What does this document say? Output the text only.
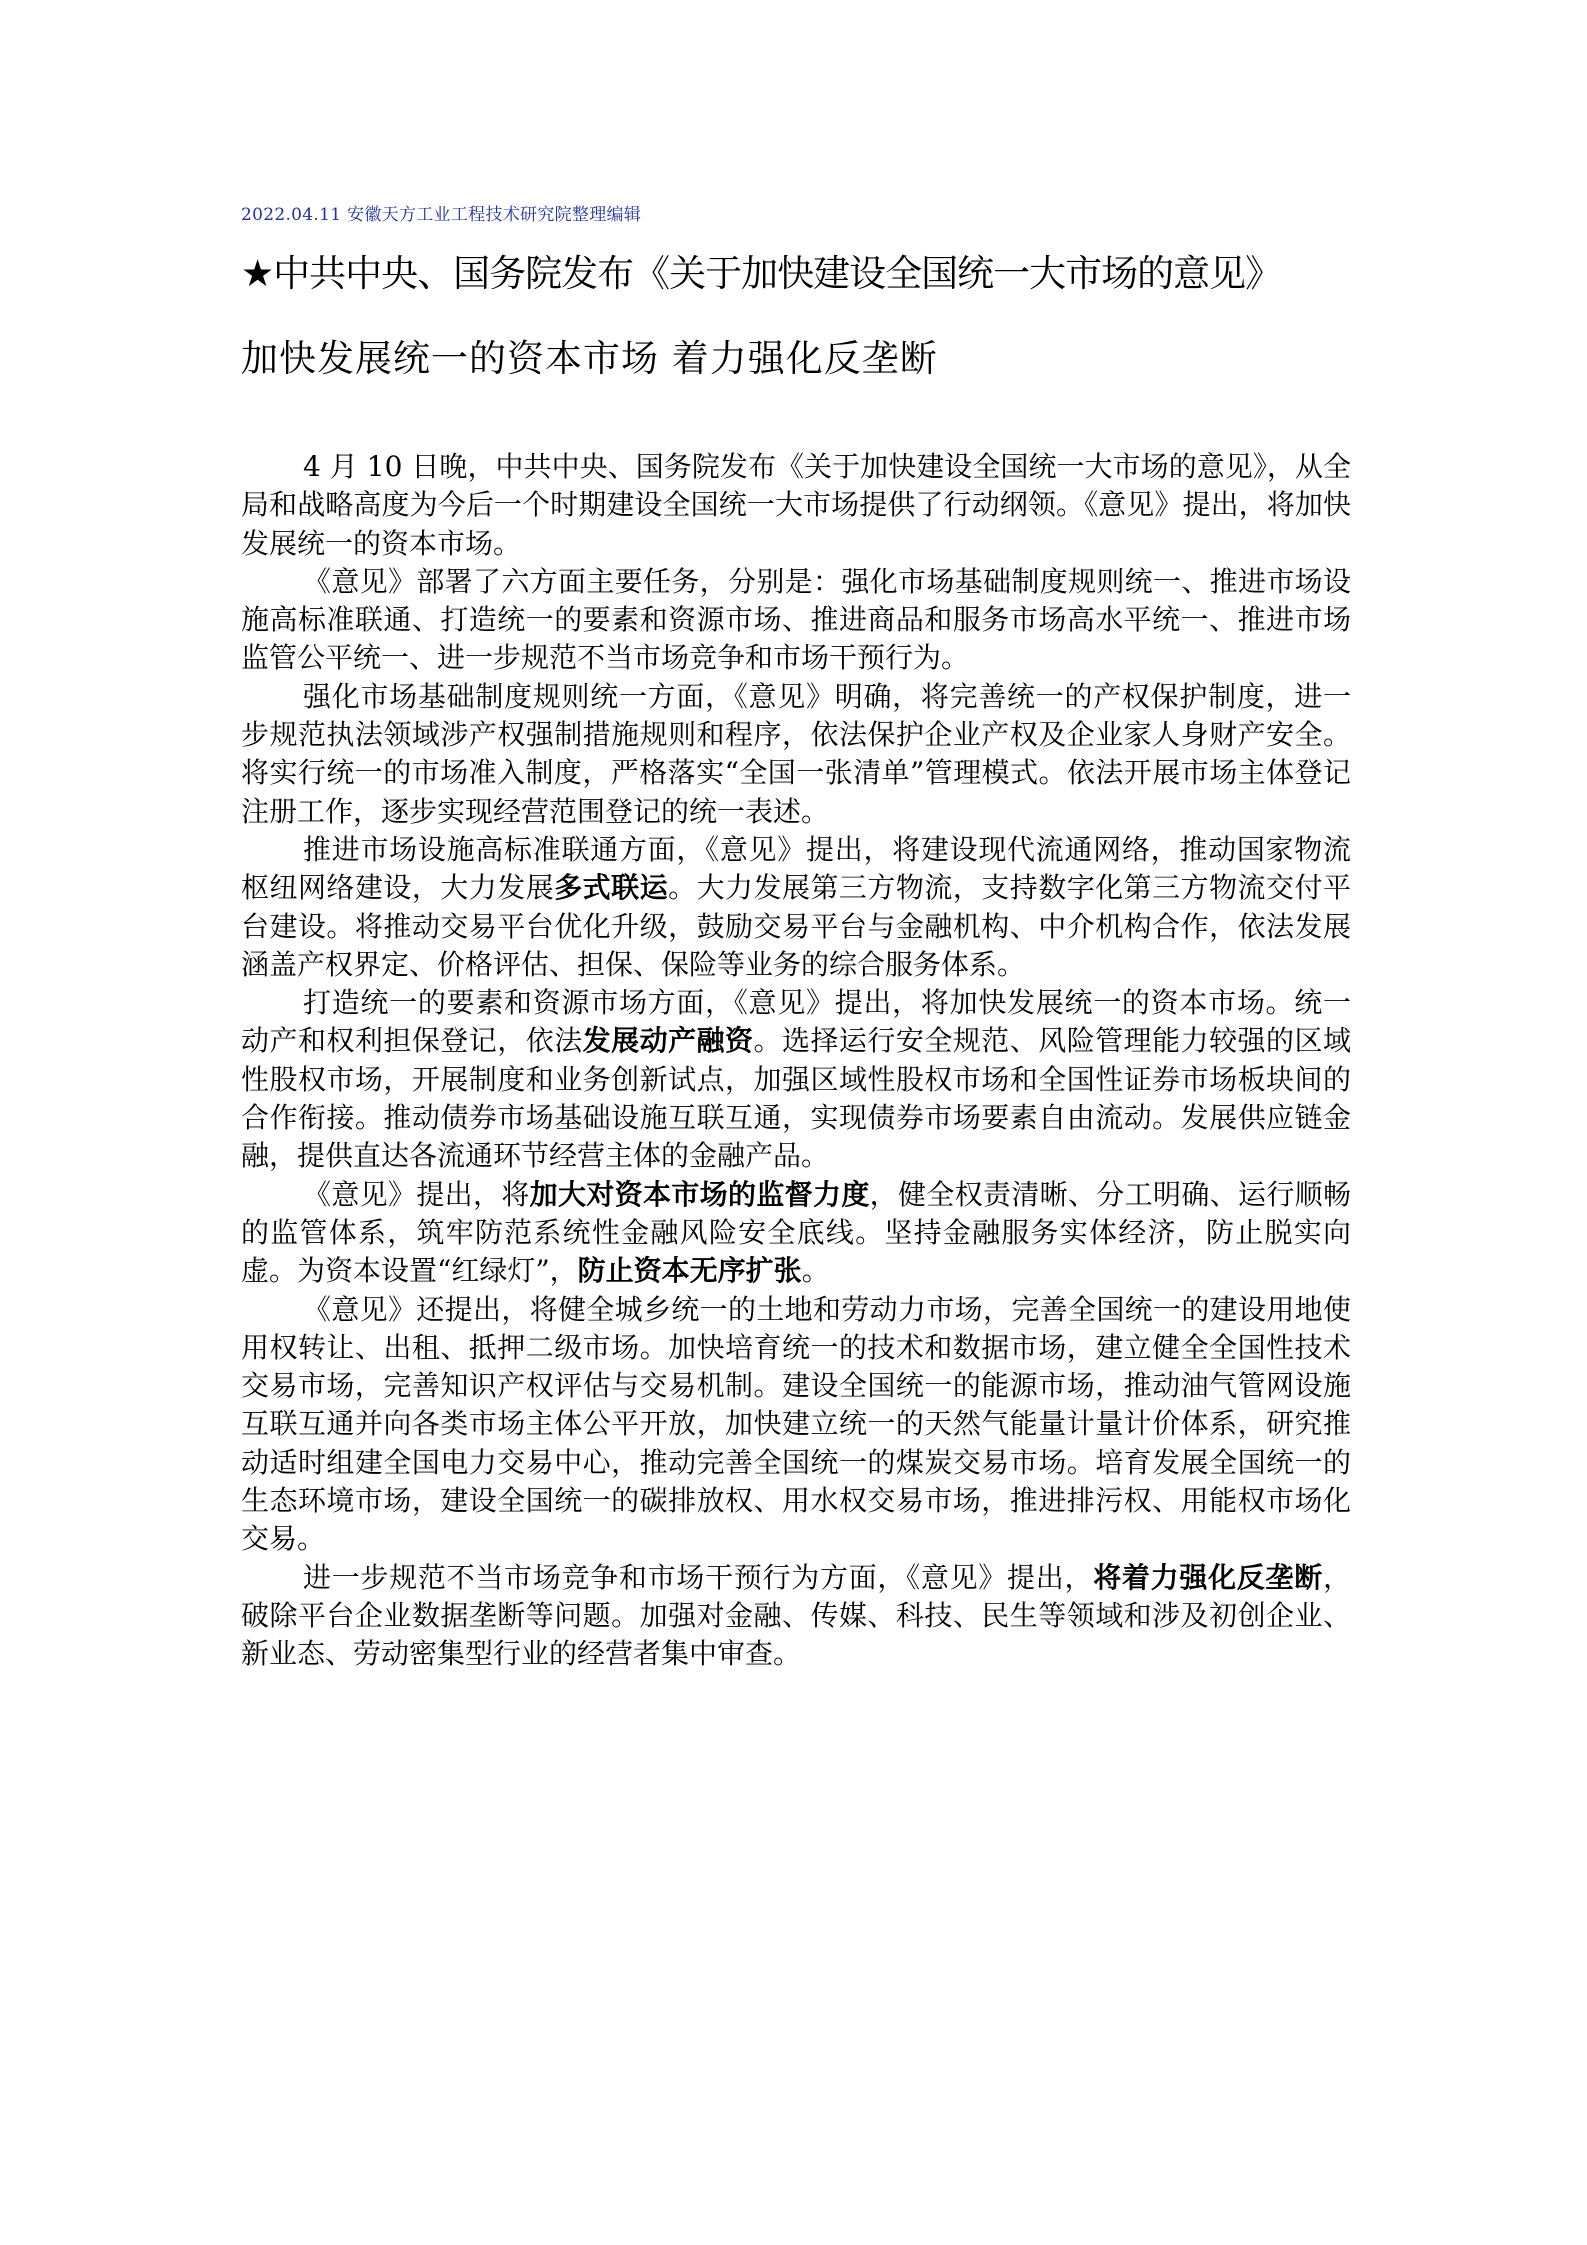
2022.04.11 安徽天方工业工程技术研究院整理编辑
★中共中央、国务院发布《关于加快建设全国统一大市场的意见》
加快发展统一的资本市场 着力强化反垄断

4 月 10 日晚，中共中央、国务院发布《关于加快建设全国统一大市场的意见》，从全局和战略高度为今后一个时期建设全国统一大市场提供了行动纲领。《意见》提出，将加快发展统一的资本市场。

《意见》部署了六方面主要任务，分别是：强化市场基础制度规则统一、推进市场设施高标准联通、打造统一的要素和资源市场、推进商品和服务市场高水平统一、推进市场监管公平统一、进一步规范不当市场竞争和市场干预行为。

强化市场基础制度规则统一方面，《意见》明确，将完善统一的产权保护制度，进一步规范执法领域涉产权强制措施规则和程序，依法保护企业产权及企业家人身财产安全。将实行统一的市场准入制度，严格落实“全国一张清单”管理模式。依法开展市场主体登记注册工作，逐步实现经营范围登记的统一表述。

推进市场设施高标准联通方面，《意见》提出，将建设现代流通网络，推动国家物流枢纽网络建设，大力发展多式联运。大力发展第三方物流，支持数字化第三方物流交付平台建设。将推动交易平台优化升级，鼓励交易平台与金融机构、中介机构合作，依法发展涵盖产权界定、价格评估、担保、保险等业务的综合服务体系。

打造统一的要素和资源市场方面，《意见》提出，将加快发展统一的资本市场。统一动产和权利担保登记，依法发展动产融资。选择运行安全规范、风险管理能力较强的区域性股权市场，开展制度和业务创新试点，加强区域性股权市场和全国性证券市场板块间的合作衔接。推动债券市场基础设施互联互通，实现债券市场要素自由流动。发展供应链金融，提供直达各流通环节经营主体的金融产品。

《意见》提出，将加大对资本市场的监督力度，健全权责清晰、分工明确、运行顺畅的监管体系，筑牢防范系统性金融风险安全底线。坚持金融服务实体经济，防止脱实向虚。为资本设置“红绿灯”，防止资本无序扩张。

《意见》还提出，将健全城乡统一的土地和劳动力市场，完善全国统一的建设用地使用权转让、出租、抵押二级市场。加快培育统一的技术和数据市场，建立健全全国性技术交易市场，完善知识产权评估与交易机制。建设全国统一的能源市场，推动油气管网设施互联互通并向各类市场主体公平开放，加快建立统一的天然气能量计量计价体系，研究推动适时组建全国电力交易中心，推动完善全国统一的煤炭交易市场。培育发展全国统一的生态环境市场，建设全国统一的碳排放权、用水权交易市场，推进排污权、用能权市场化交易。

进一步规范不当市场竞争和市场干预行为方面，《意见》提出，将着力强化反垄断，破除平台企业数据垄断等问题。加强对金融、传媒、科技、民生等领域和涉及初创企业、新业态、劳动密集型行业的经营者集中审查。
